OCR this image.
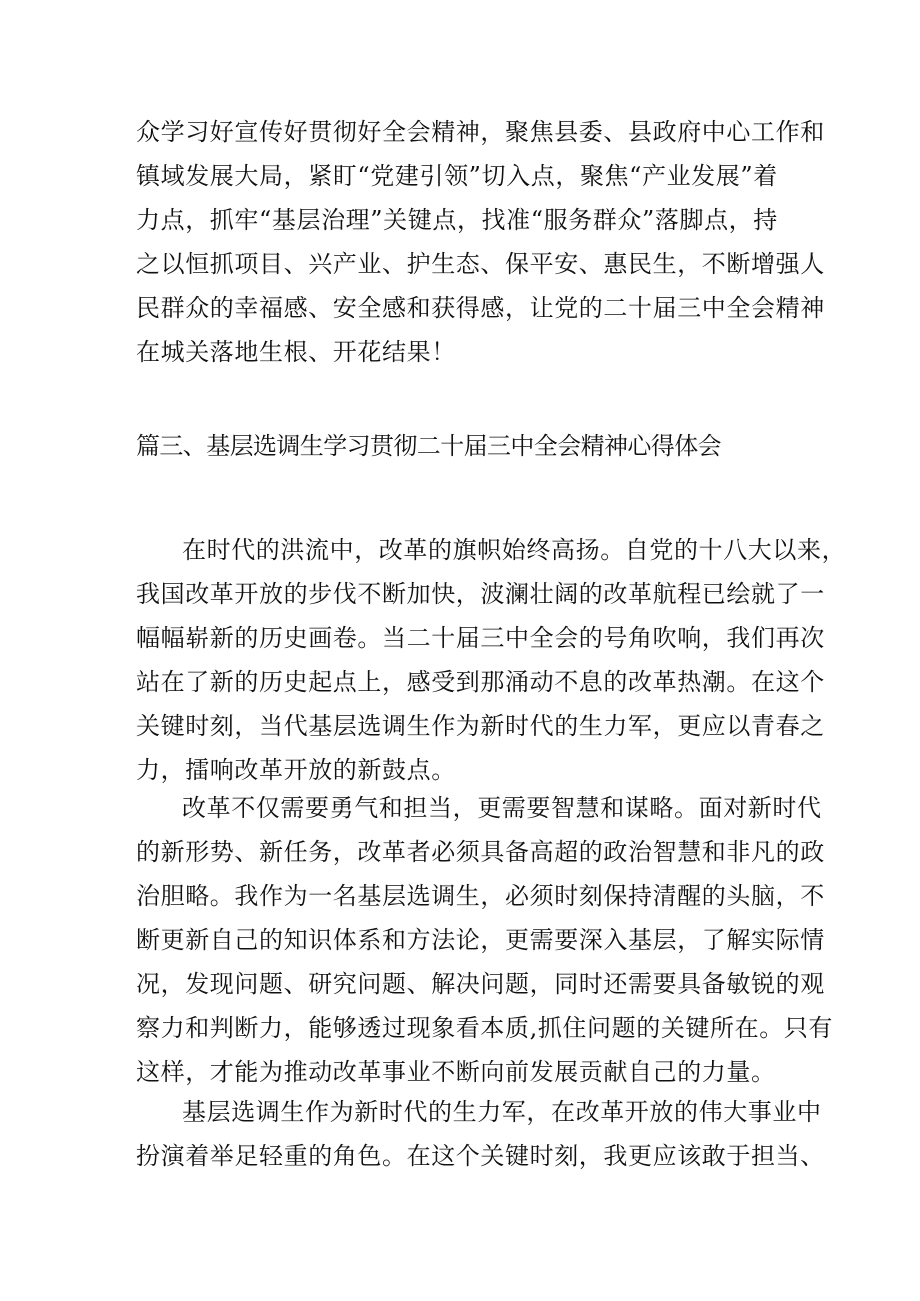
众学习好宣传好贯彻好全会精神，聚焦县委、县政府中心工作和
镇域发展大局，紧盯“党建引领”切入点，聚焦“产业发展”着
力点，抓牢“基层治理”关键点，找准“服务群众”落脚点，持
之以恒抓项目、兴产业、护生态、保平安、惠民生，不断增强人
民群众的幸福感、安全感和获得感，让党的二十届三中全会精神
在城关落地生根、开花结果！
篇三、基层选调生学习贯彻二十届三中全会精神心得体会
在时代的洪流中，改革的旗帜始终高扬。自党的十八大以来，
我国改革开放的步伐不断加快，波澜壮阔的改革航程已绘就了一
幅幅崭新的历史画卷。当二十届三中全会的号角吹响，我们再次
站在了新的历史起点上，感受到那涌动不息的改革热潮。在这个
关键时刻，当代基层选调生作为新时代的生力军，更应以青春之
力，擂响改革开放的新鼓点。
改革不仅需要勇气和担当，更需要智慧和谋略。面对新时代
的新形势、新任务，改革者必须具备高超的政治智慧和非凡的政
治胆略。我作为一名基层选调生，必须时刻保持清醒的头脑，不
断更新自己的知识体系和方法论，更需要深入基层，了解实际情
况，发现问题、研究问题、解决问题，同时还需要具备敏锐的观
察力和判断力，能够透过现象看本质,抓住问题的关键所在。只有
这样，才能为推动改革事业不断向前发展贡献自己的力量。
基层选调生作为新时代的生力军，在改革开放的伟大事业中
扮演着举足轻重的角色。在这个关键时刻，我更应该敢于担当、
